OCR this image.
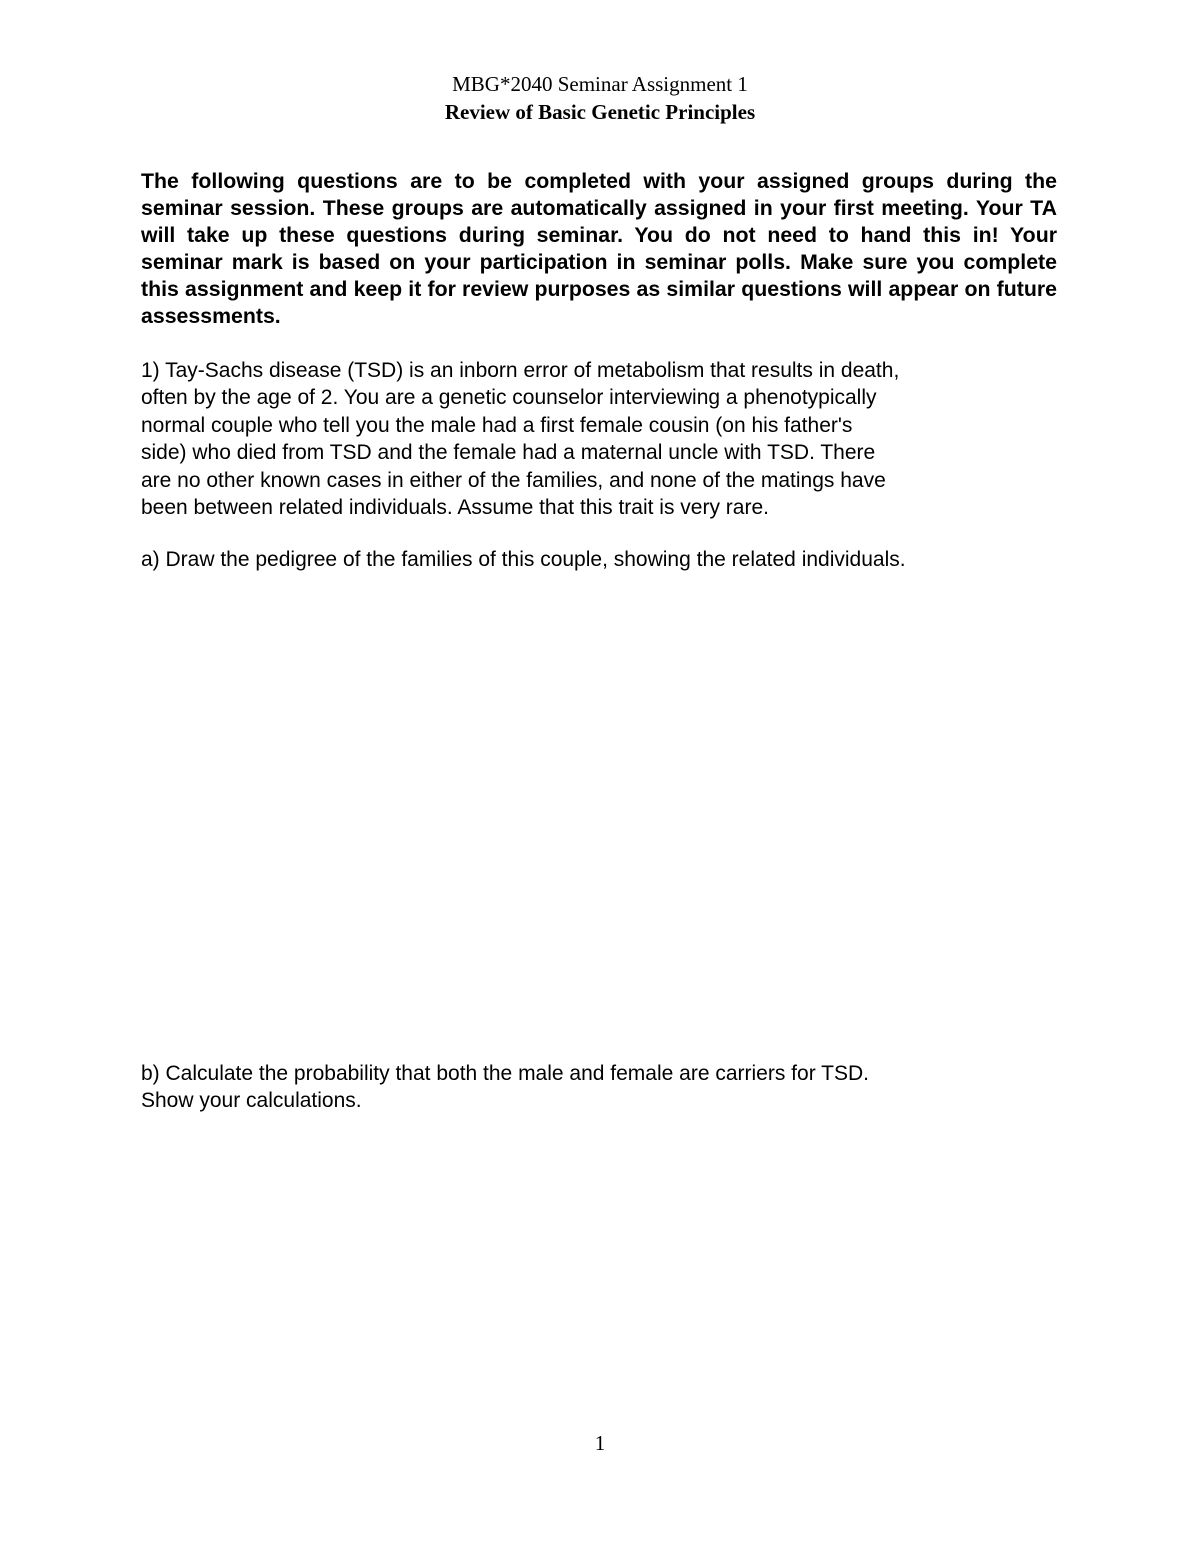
MBG*2040 Seminar Assignment 1

Review of Basic Genetic Principles

The following questions are to be completed with your assigned groups during the seminar session. These groups are automatically assigned in your first meeting. Your TA will take up these questions during seminar. You do not need to hand this in! Your seminar mark is based on your participation in seminar polls. Make sure you complete this assignment and keep it for review purposes as similar questions will appear on future assessments.

1) Tay-Sachs disease (TSD) is an inborn error of metabolism that results in death,
often by the age of 2. You are a genetic counselor interviewing a phenotypically
normal couple who tell you the male had a first female cousin (on his father's
side) who died from TSD and the female had a maternal uncle with TSD. There
are no other known cases in either of the families, and none of the matings have
been between related individuals. Assume that this trait is very rare.
a) Draw the pedigree of the families of this couple, showing the related individuals.
b) Calculate the probability that both the male and female are carriers for TSD.
Show your calculations.

1
